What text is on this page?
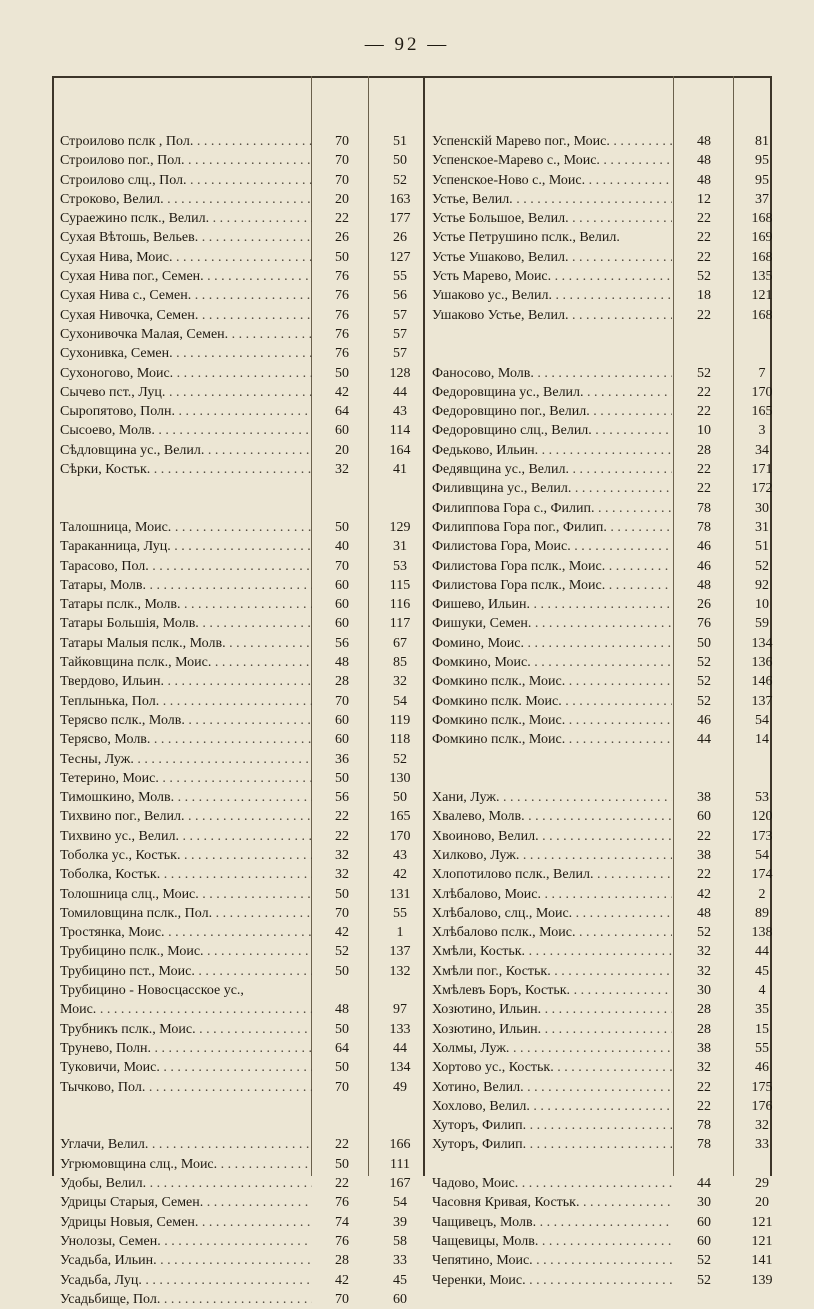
— 92 —
Строилово пслк , Пол. . . .	70	51
Строилово пог., Пол. . . .	70	50
Строилово слц., Пол. . . .	70	52
Строково, Велил. . . .	20	163
Сураежино пслк., Велил. . . .	22	177
Сухая Вѣтошь, Вельев. . . .	26	26
Сухая Нива, Моис. . . .	50	127
Сухая Нива пог., Семен. . . .	76	55
Сухая Нива с., Семен. . . .	76	56
Сухая Нивочка, Семен. . . .	76	57
Сухонивочка Малая, Семен. . . .	76	57
Сухонивка, Семен. . . .	76	57
Сухоногово, Моис. . . .	50	128
Сычево пст., Луц. . . .	42	44
Сыропятово, Полн. . . .	64	43
Сысоево, Молв. . . .	60	114
Сѣдловщина ус., Велил. . . .	20	164
Сѣрки, Костьк. . . .	32	41
Талошница, Моис. . . .	50	129
Тараканница, Луц. . . .	40	31
Тарасово, Пол. . . .	70	53
Татары, Молв. . . .	60	115
Татары пслк., Молв. . . .	60	116
Татары Большія, Молв. . . .	60	117
Татары Малыя пслк., Молв. . . .	56	67
Тайковщина пслк., Моис. . . .	48	85
Твердово, Ильин. . . .	28	32
Теплынька, Пол. . . .	70	54
Терясво пслк., Молв. . . .	60	119
Терясво, Молв. . . .	60	118
Тесны, Луж. . . .	36	52
Тетерино, Моис. . . .	50	130
Тимошкино, Молв. . . .	56	50
Тихвино пог., Велил. . . .	22	165
Тихвино ус., Велил. . . .	22	170
Тоболка ус., Костьк. . . .	32	43
Тоболка, Костьк. . . .	32	42
Толошница слц., Моис. . . .	50	131
Томиловщина пслк., Пол. . . .	70	55
Тростянка, Моис. . . .	42	1
Трубицино пслк., Моис. . . .	52	137
Трубицино пст., Моис. . . .	50	132
Трубицино - Новосцасское ус.,
Моис. . . .	48	97
Трубникъ пслк., Моис. . . .	50	133
Трунево, Полн. . . .	64	44
Туковичи, Моис. . . .	50	134
Тычково, Пол. . . .	70	49
Углачи, Велил. . . .	22	166
Угрюмовщина слц., Моис. . . .	50	111
Удобы, Велил. . . .	22	167
Удрицы Старыя, Семен. . . .	76	54
Удрицы Новыя, Семен. . . .	74	39
Унолозы, Семен. . . .	76	58
Усадьба, Ильин. . . .	28	33
Усадьба, Луц. . . .	42	45
Усадьбище, Пол. . . .	70	60
Успенскій Марево пог., Моис. . . .	48	81
Успенское-Марево с., Моис. . . .	48	95
Успенское-Ново с., Моис. . . .	48	95
Устье, Велил. . . .	12	37
Устье Большое, Велил. . . .	22	168
Устье Петрушино пслк., Велил.	22	169
Устье Ушаково, Велил. . . .	22	168
Усть Марево, Моис. . . .	52	135
Ушаково ус., Велил. . . .	18	121
Ушаково Устье, Велил. . . .	22	168
Фаносово, Молв. . . .	52	7
Федоровщина ус., Велил. . . .	22	170
Федоровщино пог., Велил. . . .	22	165
Федоровщино слц., Велил. . . .	10	3
Федьково, Ильин. . . .	28	34
Федявщина ус., Велил. . . .	22	171
Филивщина ус., Велил. . . .	22	172
Филиппова Гора с., Филип. . . .	78	30
Филиппова Гора пог., Филип. . . .	78	31
Филистова Гора, Моис. . . .	46	51
Филистова Гора пслк., Моис. . . .	46	52
Филистова Гора пслк., Моис. . . .	48	92
Фишево, Ильин. . . .	26	10
Фишуки, Семен. . . .	76	59
Фомино, Моис. . . .	50	134
Фомкино, Моис. . . .	52	136
Фомкино пслк., Моис. . . .	52	146
Фомкино пслк. Моис. . . .	52	137
Фомкино пслк., Моис. . . .	46	54
Фомкино пслк., Моис. . . .	44	14
Хани, Луж. . . .	38	53
Хвалево, Молв. . . .	60	120
Хвоиново, Велил. . . .	22	173
Хилково, Луж. . . .	38	54
Хлопотилово пслк., Велил. . . .	22	174
Хлѣбалово, Моис. . . .	42	2
Хлѣбалово, слц., Моис. . . .	48	89
Хлѣбалово пслк., Моис. . . .	52	138
Хмѣли, Костьк. . . .	32	44
Хмѣли пог., Костьк. . . .	32	45
Хмѣлевъ Боръ, Костьк. . . .	30	4
Хозютино, Ильин. . . .	28	35
Хозютино, Ильин. . . .	28	15
Холмы, Луж. . . .	38	55
Хортово ус., Костьк. . . .	32	46
Хотино, Велил. . . .	22	175
Хохлово, Велил. . . .	22	176
Хуторъ, Филип. . . .	78	32
Хуторъ, Филип. . . .	78	33
Чадово, Моис. . . .	44	29
Часовня Кривая, Костьк. . . .	30	20
Чащивецъ, Молв. . . .	60	121
Чащевицы, Молв. . . .	60	121
Чепятино, Моис. . . .	52	141
Черенки, Моис. . . .	52	139
